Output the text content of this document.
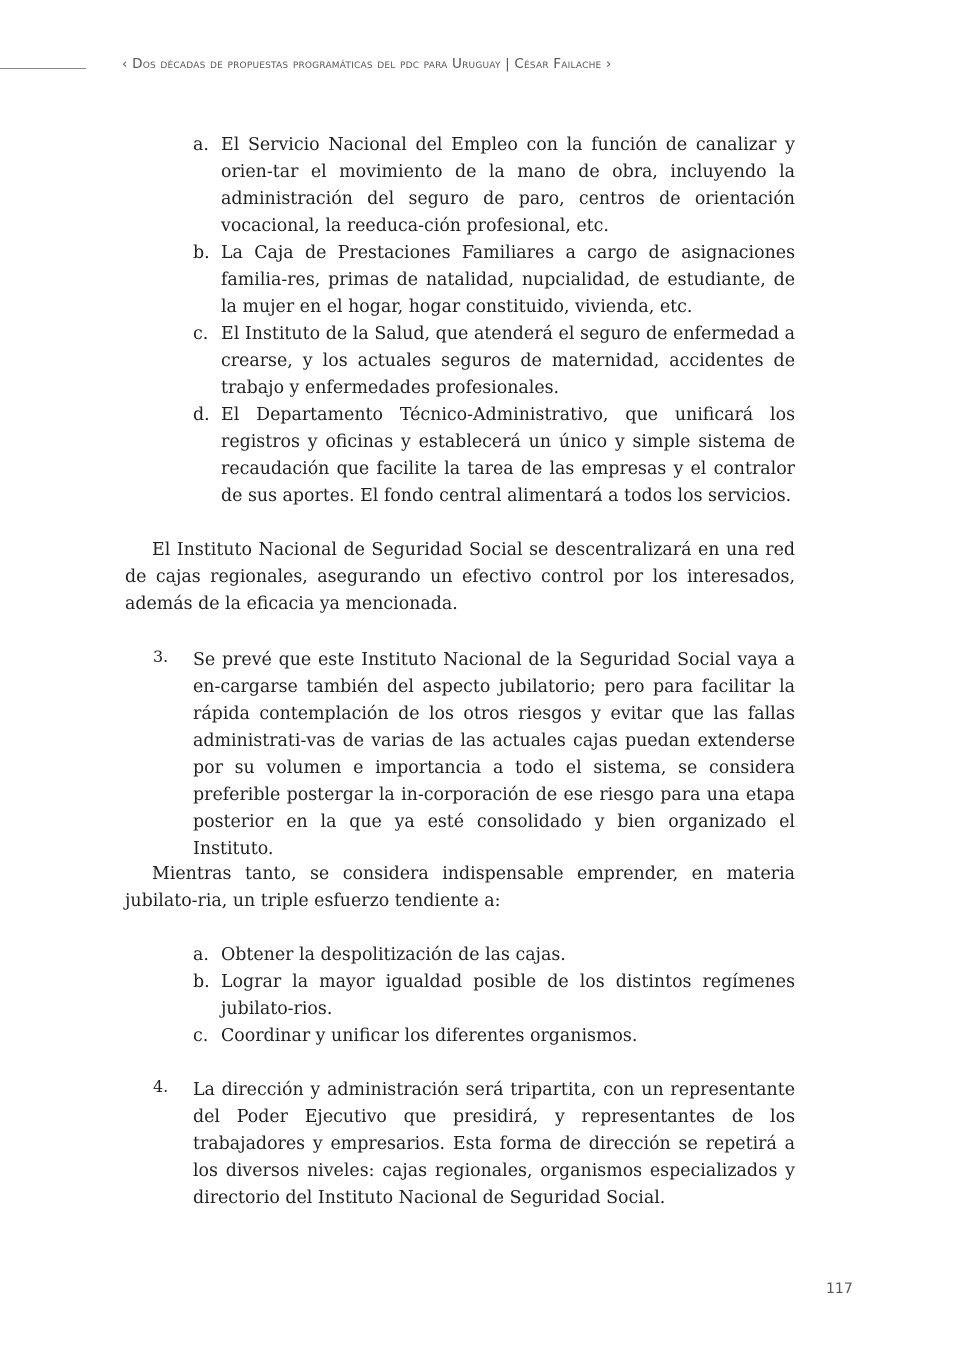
‹ Dos décadas de propuestas programáticas del pdc para Uruguay | César Failache ›
a. El Servicio Nacional del Empleo con la función de canalizar y orien-tar el movimiento de la mano de obra, incluyendo la administración del seguro de paro, centros de orientación vocacional, la reeduca-ción profesional, etc.
b. La Caja de Prestaciones Familiares a cargo de asignaciones familia-res, primas de natalidad, nupcialidad, de estudiante, de la mujer en el hogar, hogar constituido, vivienda, etc.
c. El Instituto de la Salud, que atenderá el seguro de enfermedad a crearse, y los actuales seguros de maternidad, accidentes de trabajo y enfermedades profesionales.
d. El Departamento Técnico-Administrativo, que unificará los registros y oficinas y establecerá un único y simple sistema de recaudación que facilite la tarea de las empresas y el contralor de sus aportes. El fondo central alimentará a todos los servicios.

El Instituto Nacional de Seguridad Social se descentralizará en una red de cajas regionales, asegurando un efectivo control por los interesados, además de la eficacia ya mencionada.

3. Se prevé que este Instituto Nacional de la Seguridad Social vaya a en-cargarse también del aspecto jubilatorio; pero para facilitar la rápida contemplación de los otros riesgos y evitar que las fallas administrati-vas de varias de las actuales cajas puedan extenderse por su volumen e importancia a todo el sistema, se considera preferible postergar la in-corporación de ese riesgo para una etapa posterior en la que ya esté consolidado y bien organizado el Instituto.

Mientras tanto, se considera indispensable emprender, en materia jubilato-ria, un triple esfuerzo tendiente a:

a. Obtener la despolitización de las cajas.
b. Lograr la mayor igualdad posible de los distintos regímenes jubilato-rios.
c. Coordinar y unificar los diferentes organismos.
4. La dirección y administración será tripartita, con un representante del Poder Ejecutivo que presidirá, y representantes de los trabajadores y empresarios. Esta forma de dirección se repetirá a los diversos niveles: cajas regionales, organismos especializados y directorio del Instituto Nacional de Seguridad Social.
117
